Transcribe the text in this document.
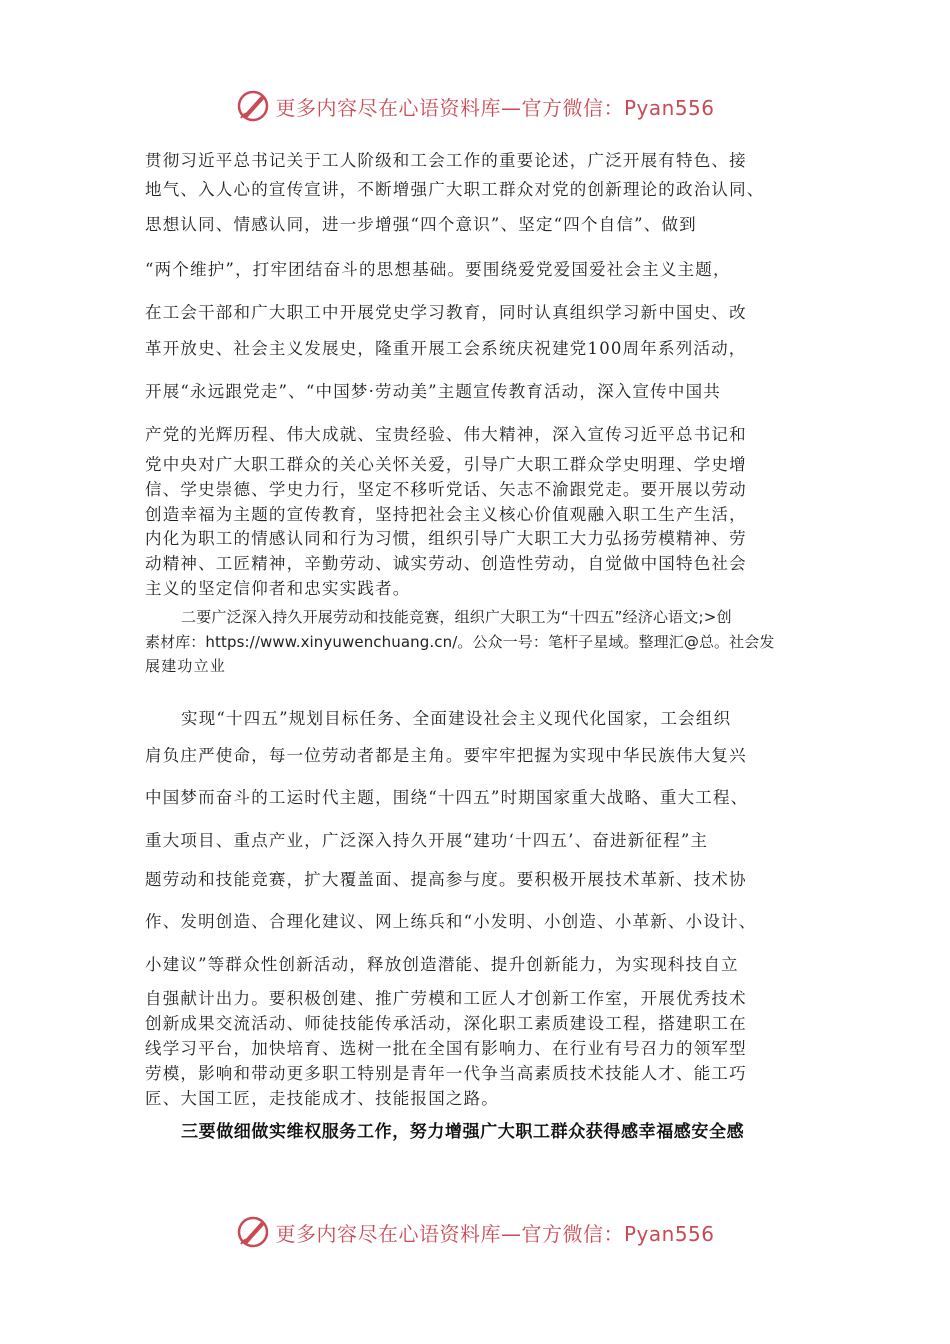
更多内容尽在心语资料库—官方微信：Pyan556
贯彻习近平总书记关于工人阶级和工会工作的重要论述，广泛开展有特色、接
地气、入人心的宣传宣讲，不断增强广大职工群众对党的创新理论的政治认同、
思想认同、情感认同，进一步增强“四个意识”、坚定“四个自信”、做到
“两个维护”，打牢团结奋斗的思想基础。要围绕爱党爱国爱社会主义主题，
在工会干部和广大职工中开展党史学习教育，同时认真组织学习新中国史、改
革开放史、社会主义发展史，隆重开展工会系统庆祝建党100周年系列活动，
开展“永远跟党走”、“中国梦·劳动美”主题宣传教育活动，深入宣传中国共
产党的光辉历程、伟大成就、宝贵经验、伟大精神，深入宣传习近平总书记和
党中央对广大职工群众的关心关怀关爱，引导广大职工群众学史明理、学史增
信、学史崇德、学史力行，坚定不移听党话、矢志不渝跟党走。要开展以劳动
创造幸福为主题的宣传教育，坚持把社会主义核心价值观融入职工生产生活，
内化为职工的情感认同和行为习惯，组织引导广大职工大力弘扬劳模精神、劳
动精神、工匠精神，辛勤劳动、诚实劳动、创造性劳动，自觉做中国特色社会
主义的坚定信仰者和忠实实践者。
二要广泛深入持久开展劳动和技能竞赛，组织广大职工为“十四五”经济心语文;>创
素材库：https://www.xinyuwenchuang.cn/。公众一号：笔杆子星域。整理汇@总。社会发
展建功立业
实现“十四五”规划目标任务、全面建设社会主义现代化国家，工会组织
肩负庄严使命，每一位劳动者都是主角。要牢牢把握为实现中华民族伟大复兴
中国梦而奋斗的工运时代主题，围绕“十四五”时期国家重大战略、重大工程、
重大项目、重点产业，广泛深入持久开展“建功‘十四五’、奋进新征程”主
题劳动和技能竞赛，扩大覆盖面、提高参与度。要积极开展技术革新、技术协
作、发明创造、合理化建议、网上练兵和“小发明、小创造、小革新、小设计、
小建议”等群众性创新活动，释放创造潜能、提升创新能力，为实现科技自立
自强献计出力。要积极创建、推广劳模和工匠人才创新工作室，开展优秀技术
创新成果交流活动、师徒技能传承活动，深化职工素质建设工程，搭建职工在
线学习平台，加快培育、选树一批在全国有影响力、在行业有号召力的领军型
劳模，影响和带动更多职工特别是青年一代争当高素质技术技能人才、能工巧
匠、大国工匠，走技能成才、技能报国之路。

三要做细做实维权服务工作，努力增强广大职工群众获得感幸福感安全感

更多内容尽在心语资料库—官方微信：Pyan556
